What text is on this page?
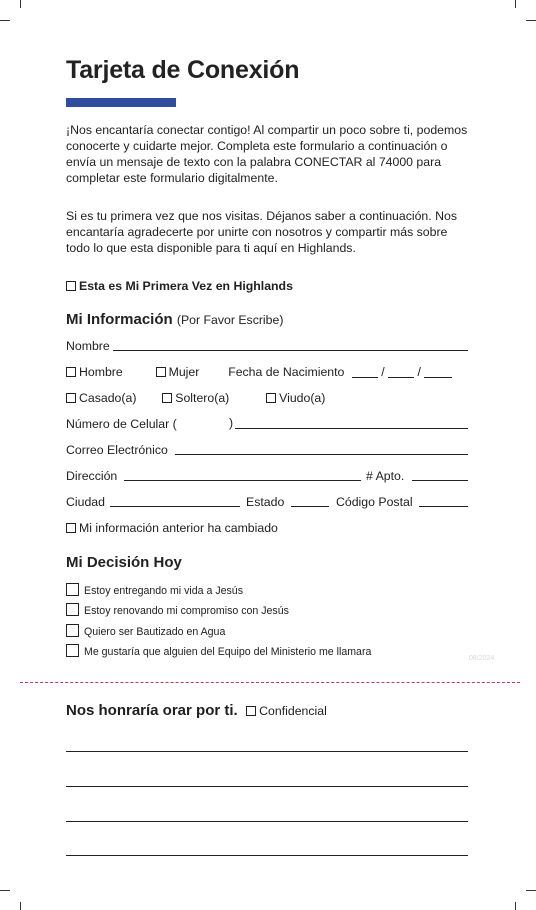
Tarjeta de Conexión

¡Nos encantaría conectar contigo! Al compartir un poco sobre ti, podemos conocerte y cuidarte mejor. Completa este formulario a continuación o envía un mensaje de texto con la palabra CONECTAR al 74000 para completar este formulario digitalmente.

Si es tu primera vez que nos visitas. Déjanos saber a continuación. Nos encantaría agradecerte por unirte con nosotros y compartir más sobre todo lo que esta disponible para ti aquí en Highlands.

Esta es Mi Primera Vez en Highlands
Mi Información (Por Favor Escribe)
Nombre
Hombre	Mujer Fecha de Nacimiento	/	/
Casado(a)	Soltero(a)	Viudo(a)
Número de Celular (	)
Correo Electrónico
Dirección	# Apto.
Ciudad	Estado	Código Postal
Mi información anterior ha cambiado
Mi Decisión Hoy
Estoy entregando mi vida a Jesús
Estoy renovando mi compromiso con Jesús
Quiero ser Bautizado en Agua
Me gustaría que alguien del Equipo del Ministerio me llamara
08/2024
Nos honraría orar por ti. Confidencial
